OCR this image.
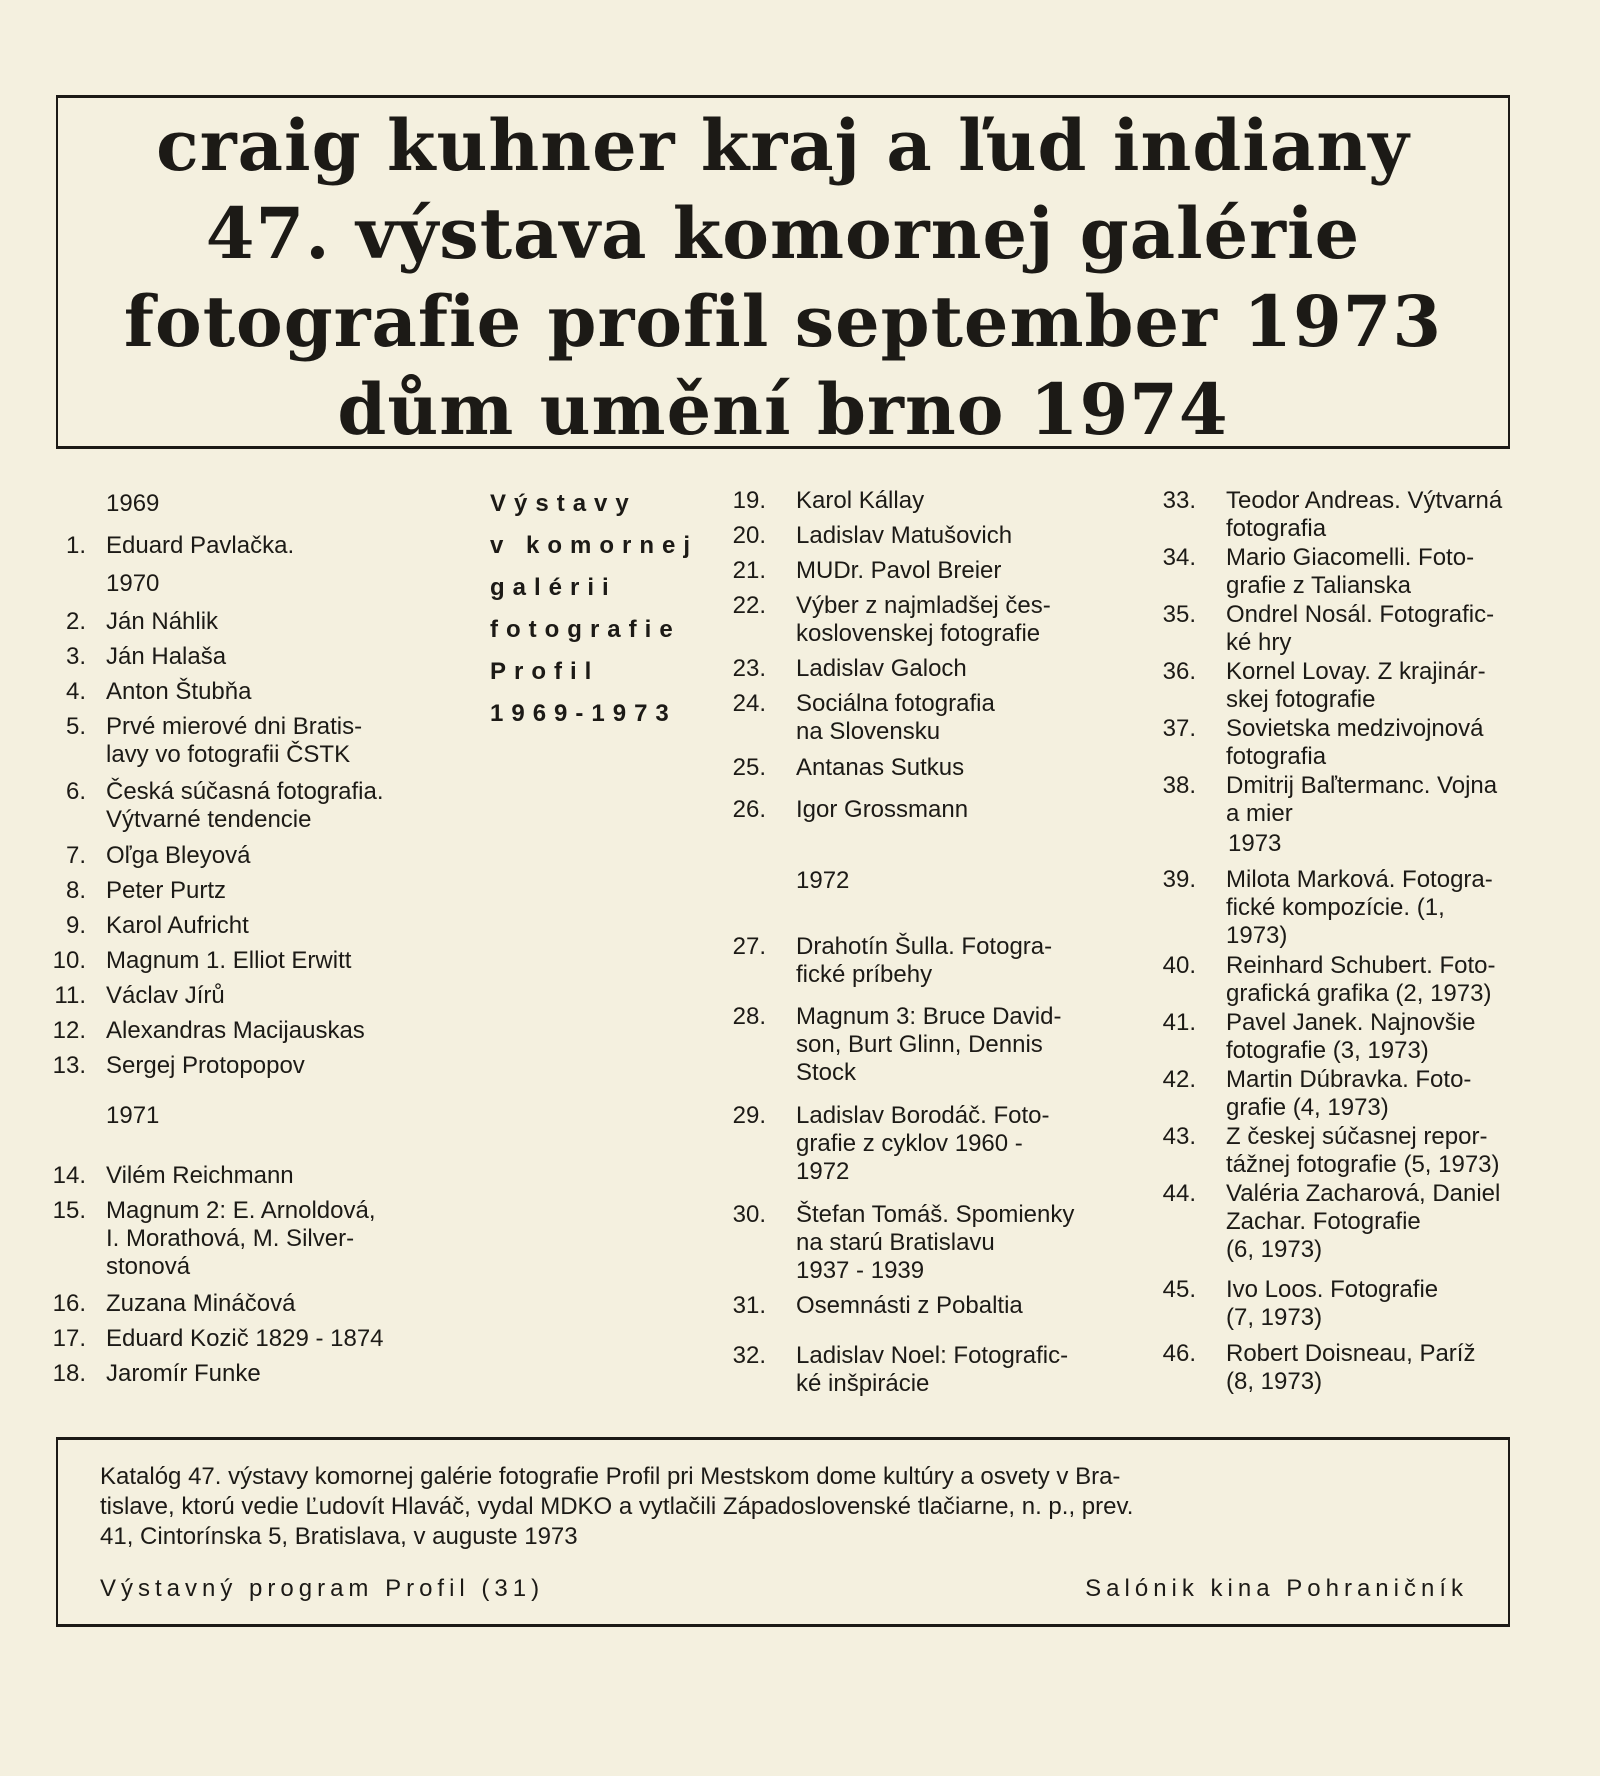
craig kuhner kraj a ľud indiany
47. výstava komornej galérie
fotografie profil september 1973
dům umění brno 1974
1969
1. Eduard Pavlačka.
1970
2. Ján Náhlik
3. Ján Halaša
4. Anton Štubňa
5. Prvé mierové dni Bratis-
lavy vo fotografii ČSTK
6. Česká súčasná fotografia.
Výtvarné tendencie
7. Oľga Bleyová
8. Peter Purtz
9. Karol Aufricht
10. Magnum 1. Elliot Erwitt
11. Václav Jírů
12. Alexandras Macijauskas
13. Sergej Protopopov
1971
14. Vilém Reichmann
15. Magnum 2: E. Arnoldová,
I. Morathová, M. Silver-
stonová
16. Zuzana Mináčová
17. Eduard Kozič 1829 - 1874
18. Jaromír Funke
Výstavy
v komornej
galérii
fotografie
Profil
1969-1973
19. Karol Kállay
20. Ladislav Matušovich
21. MUDr. Pavol Breier
22. Výber z najmladšej čes-
koslovenskej fotografie
23. Ladislav Galoch
24. Sociálna fotografia
na Slovensku
25. Antanas Sutkus
26. Igor Grossmann
1972
27. Drahotín Šulla. Fotogra-
fické príbehy
28. Magnum 3: Bruce David-
son, Burt Glinn, Dennis
Stock
29. Ladislav Borodáč. Foto-
grafie z cyklov 1960 -
1972
30. Štefan Tomáš. Spomienky
na starú Bratislavu
1937 - 1939
31. Osemnásti z Pobaltia
32. Ladislav Noel: Fotografic-
ké inšpirácie
33. Teodor Andreas. Výtvarná
fotografia
34. Mario Giacomelli. Foto-
grafie z Talianska
35. Ondrel Nosál. Fotografic-
ké hry
36. Kornel Lovay. Z krajinár-
skej fotografie
37. Sovietska medzivojnová
fotografia
38. Dmitrij Baľtermanc. Vojna
a mier
1973
39. Milota Marková. Fotogra-
fické kompozície. (1,
1973)
40. Reinhard Schubert. Foto-
grafická grafika (2, 1973)
41. Pavel Janek. Najnovšie
fotografie (3, 1973)
42. Martin Dúbravka. Foto-
grafie (4, 1973)
43. Z českej súčasnej repor-
tážnej fotografie (5, 1973)
44. Valéria Zacharová, Daniel
Zachar. Fotografie
(6, 1973)
45. Ivo Loos. Fotografie
(7, 1973)
46. Robert Doisneau, Paríž
(8, 1973)
Katalóg 47. výstavy komornej galérie fotografie Profil pri Mestskom dome kultúry a osvety v Bra-
tislave, ktorú vedie Ľudovít Hlaváč, vydal MDKO a vytlačili Západoslovenské tlačiarne, n. p., prev.
41, Cintorínska 5, Bratislava, v auguste 1973
Výstavný program Profil (31)	Salónik kina Pohraničník
